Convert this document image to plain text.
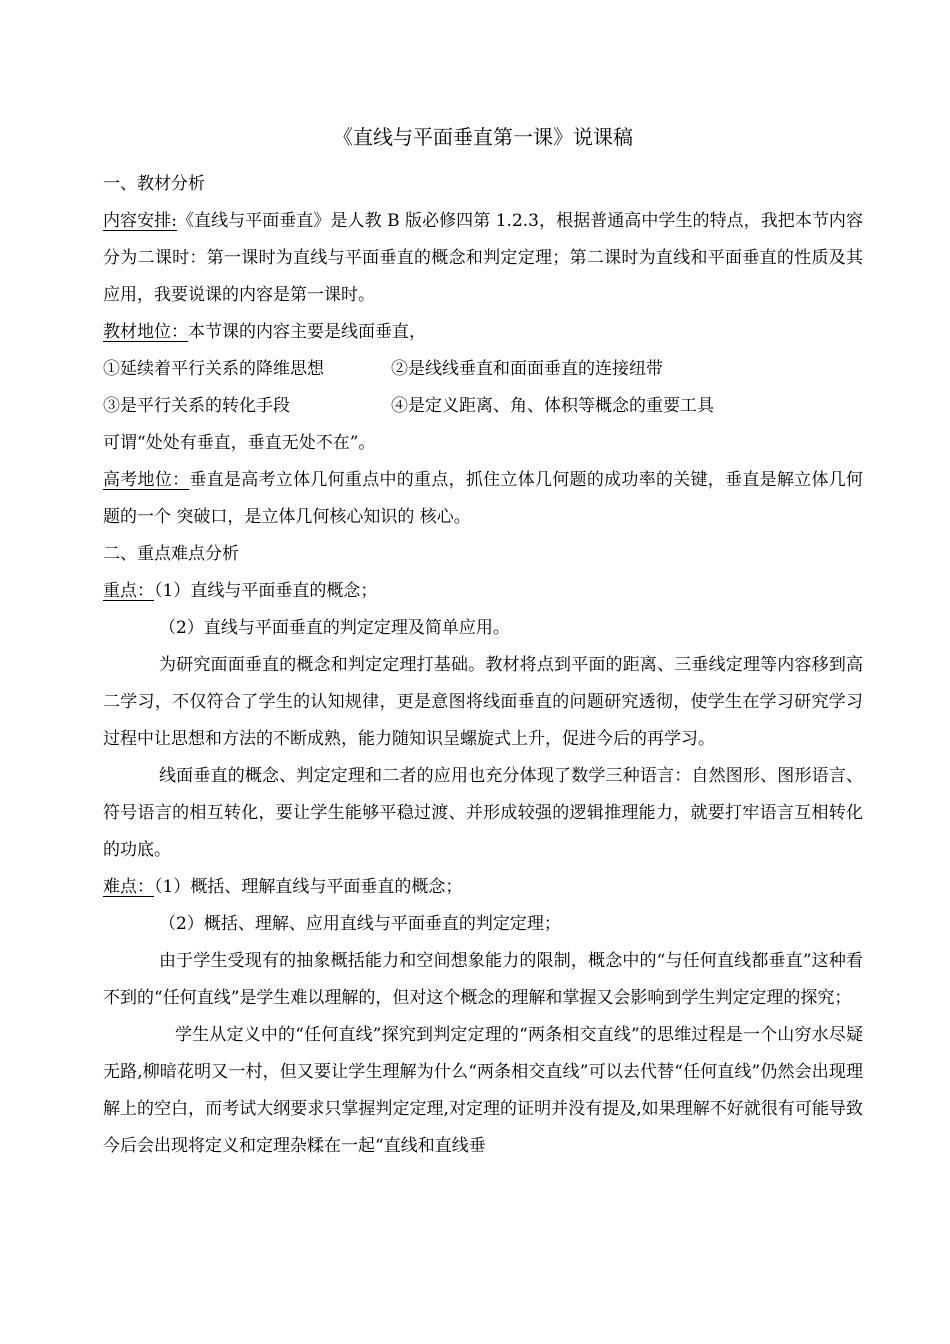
《直线与平面垂直第一课》说课稿
一、教材分析
内容安排:《直线与平面垂直》是人教 B 版必修四第 1.2.3，根据普通高中学生的特点，我把本节内容分为二课时：第一课时为直线与平面垂直的概念和判定定理；第二课时为直线和平面垂直的性质及其应用，我要说课的内容是第一课时。
教材地位：本节课的内容主要是线面垂直，
①延续着平行关系的降维思想	②是线线垂直和面面垂直的连接纽带
③是平行关系的转化手段	④是定义距离、角、体积等概念的重要工具
可谓“处处有垂直，垂直无处不在”。
高考地位：垂直是高考立体几何重点中的重点，抓住立体几何题的成功率的关键，垂直是解立体几何题的一个 突破口，是立体几何核心知识的 核心。
二、重点难点分析
重点：（1）直线与平面垂直的概念；
（2）直线与平面垂直的判定定理及简单应用。
为研究面面垂直的概念和判定定理打基础。教材将点到平面的距离、三垂线定理等内容移到高二学习，不仅符合了学生的认知规律，更是意图将线面垂直的问题研究透彻，使学生在学习研究学习过程中让思想和方法的不断成熟，能力随知识呈螺旋式上升，促进今后的再学习。
线面垂直的概念、判定定理和二者的应用也充分体现了数学三种语言：自然图形、图形语言、符号语言的相互转化，要让学生能够平稳过渡、并形成较强的逻辑推理能力，就要打牢语言互相转化的功底。
难点：（1）概括、理解直线与平面垂直的概念；
（2）概括、理解、应用直线与平面垂直的判定定理；
由于学生受现有的抽象概括能力和空间想象能力的限制，概念中的“与任何直线都垂直”这种看不到的“任何直线”是学生难以理解的，但对这个概念的理解和掌握又会影响到学生判定定理的探究；
学生从定义中的“任何直线”探究到判定定理的“两条相交直线”的思维过程是一个山穷水尽疑无路,柳暗花明又一村，但又要让学生理解为什么“两条相交直线”可以去代替“任何直线”仍然会出现理解上的空白，而考试大纲要求只掌握判定定理,对定理的证明并没有提及,如果理解不好就很有可能导致今后会出现将定义和定理杂糅在一起“直线和直线垂
